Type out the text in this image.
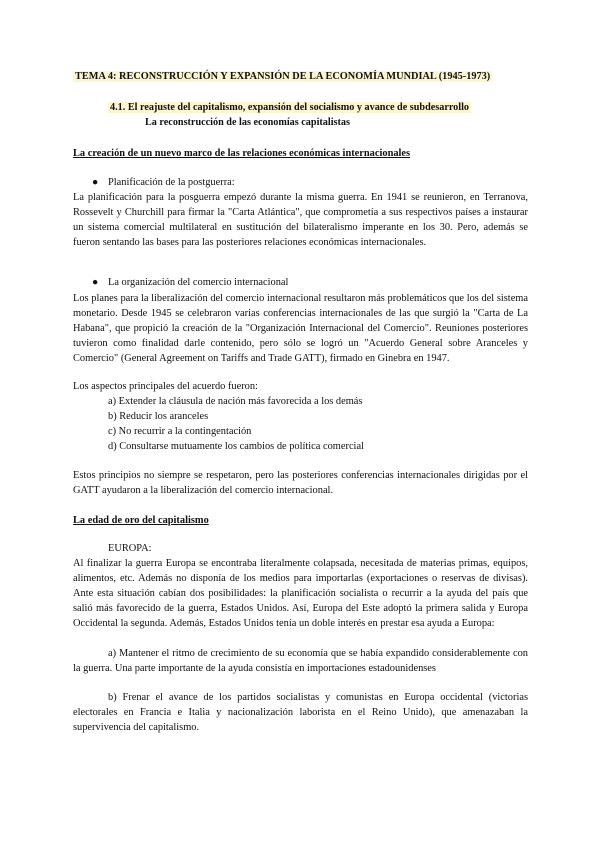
TEMA 4: RECONSTRUCCIÓN Y EXPANSIÓN DE LA ECONOMÍA MUNDIAL (1945-1973)
4.1. El reajuste del capitalismo, expansión del socialismo y avance de subdesarrollo
La reconstrucción de las economías capitalistas
La creación de un nuevo marco de las relaciones económicas internacionales
● Planificación de la postguerra:

La planificación para la posguerra empezó durante la misma guerra. En 1941 se reunieron, en Terranova, Rossevelt y Churchill para firmar la "Carta Atlántica", que comprometía a sus respectivos países a instaurar un sistema comercial multilateral en sustitución del bilateralismo imperante en los 30. Pero, además se fueron sentando las bases para las posteriores relaciones económicas internacionales.

● La organización del comercio internacional

Los planes para la liberalización del comercio internacional resultaron más problemáticos que los del sistema monetario. Desde 1945 se celebraron varias conferencias internacionales de las que surgió la "Carta de La Habana", que propició la creación de la "Organización Internacional del Comercio". Reuniones posteriores tuvieron como finalidad darle contenido, pero sólo se logró un "Acuerdo General sobre Aranceles y Comercio" (General Agreement on Tariffs and Trade GATT), firmado en Ginebra en 1947.

Los aspectos principales del acuerdo fueron:
a) Extender la cláusula de nación más favorecida a los demás
b) Reducir los aranceles
c) No recurrir a la contingentación
d) Consultarse mutuamente los cambios de política comercial

Estos principios no siempre se respetaron, pero las posteriores conferencias internacionales dirigidas por el GATT ayudaron a la liberalización del comercio internacional.

La edad de oro del capitalismo
EUROPA:

Al finalizar la guerra Europa se encontraba literalmente colapsada, necesitada de materias primas, equipos, alimentos, etc. Además no disponía de los medios para importarlas (exportaciones o reservas de divisas). Ante esta situación cabían dos posibilidades: la planificación socialista o recurrir a la ayuda del país que salió más favorecido de la guerra, Estados Unidos. Así, Europa del Este adoptó la primera salida y Europa Occidental la segunda. Además, Estados Unidos tenía un doble interés en prestar esa ayuda a Europa:

a) Mantener el ritmo de crecimiento de su economía que se había expandido considerablemente con la guerra. Una parte importante de la ayuda consistía en importaciones estadounidenses

b) Frenar el avance de los partidos socialistas y comunistas en Europa occidental (victorias electorales en Francia e Italia y nacionalización laborista en el Reino Unido), que amenazaban la supervivencia del capitalismo.
